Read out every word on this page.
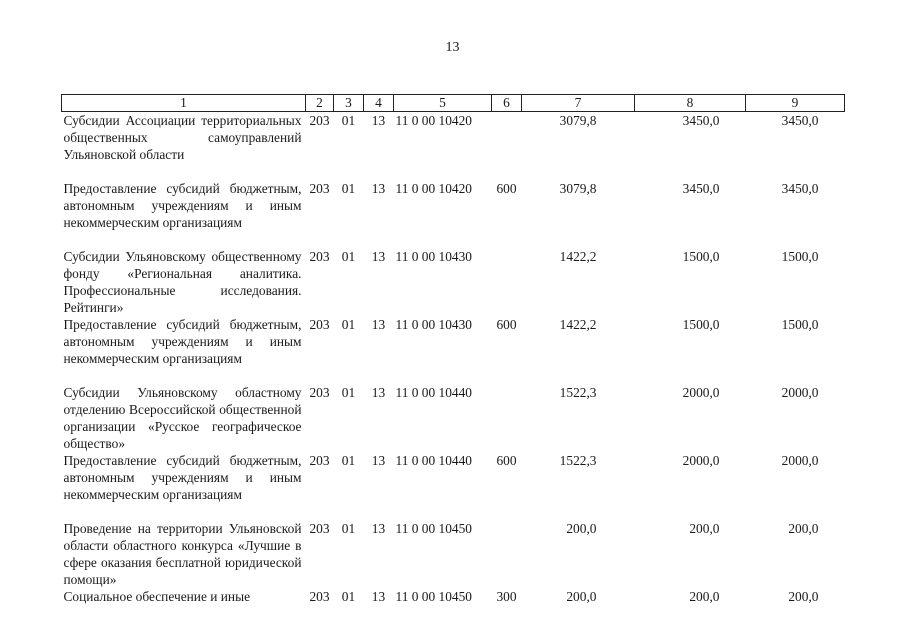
13
1	2	3	4	5	6	7	8	9
Субсидии Ассоциации территориальных общественных самоуправлений Ульяновской области	203	01	13	11 0 00 10420		3079,8	3450,0	3450,0
Предоставление субсидий бюджетным, автономным учреждениям и иным некоммерческим организациям	203	01	13	11 0 00 10420	600	3079,8	3450,0	3450,0
Субсидии Ульяновскому общественному фонду «Региональная аналитика. Профессиональные исследования. Рейтинги»	203	01	13	11 0 00 10430		1422,2	1500,0	1500,0
Предоставление субсидий бюджетным, автономным учреждениям и иным некоммерческим организациям	203	01	13	11 0 00 10430	600	1422,2	1500,0	1500,0
Субсидии Ульяновскому областному отделению Всероссийской общественной организации «Русское географическое общество»	203	01	13	11 0 00 10440		1522,3	2000,0	2000,0
Предоставление субсидий бюджетным, автономным учреждениям и иным некоммерческим организациям	203	01	13	11 0 00 10440	600	1522,3	2000,0	2000,0
Проведение на территории Ульяновской области областного конкурса «Лучшие в сфере оказания бесплатной юридической помощи»	203	01	13	11 0 00 10450		200,0	200,0	200,0
Социальное обеспечение и иные	203	01	13	11 0 00 10450	300	200,0	200,0	200,0
